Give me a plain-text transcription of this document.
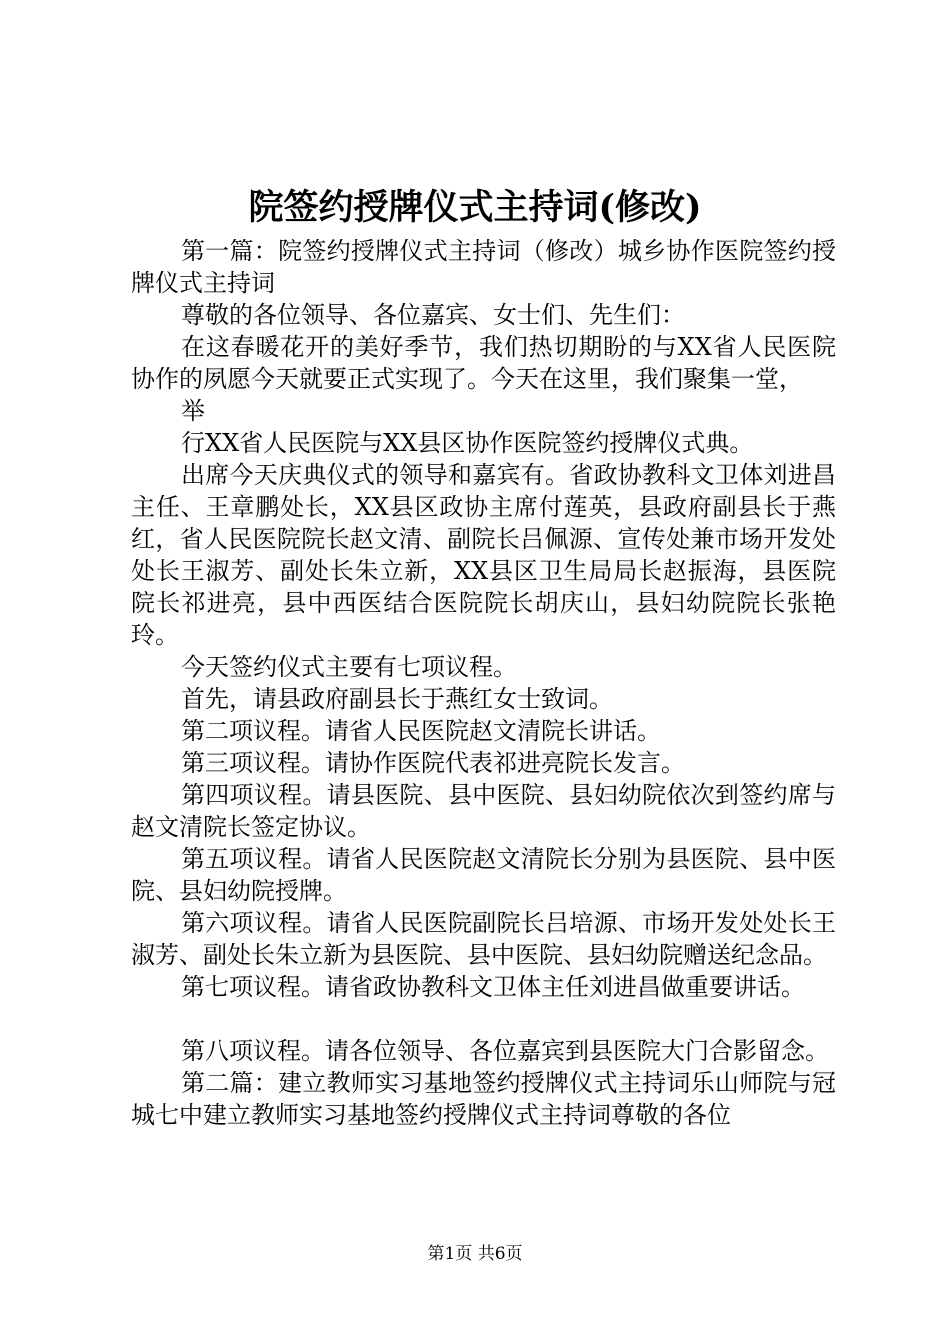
院签约授牌仪式主持词(修改)

第一篇：院签约授牌仪式主持词（修改）城乡协作医院签约授牌仪式主持词

尊敬的各位领导、各位嘉宾、女士们、先生们：

在这春暖花开的美好季节，我们热切期盼的与XX省人民医院协作的夙愿今天就要正式实现了。今天在这里，我们聚集一堂，

举

行XX省人民医院与XX县区协作医院签约授牌仪式典。

出席今天庆典仪式的领导和嘉宾有。省政协教科文卫体刘进昌主任、王章鹏处长，XX县区政协主席付莲英，县政府副县长于燕红，省人民医院院长赵文清、副院长吕佩源、宣传处兼市场开发处处长王淑芳、副处长朱立新，XX县区卫生局局长赵振海，县医院院长祁进亮，县中西医结合医院院长胡庆山，县妇幼院院长张艳玲。

今天签约仪式主要有七项议程。

首先，请县政府副县长于燕红女士致词。

第二项议程。请省人民医院赵文清院长讲话。

第三项议程。请协作医院代表祁进亮院长发言。

第四项议程。请县医院、县中医院、县妇幼院依次到签约席与赵文清院长签定协议。

第五项议程。请省人民医院赵文清院长分别为县医院、县中医院、县妇幼院授牌。

第六项议程。请省人民医院副院长吕培源、市场开发处处长王淑芳、副处长朱立新为县医院、县中医院、县妇幼院赠送纪念品。

第七项议程。请省政协教科文卫体主任刘进昌做重要讲话。

第八项议程。请各位领导、各位嘉宾到县医院大门合影留念。

第二篇：建立教师实习基地签约授牌仪式主持词乐山师院与冠城七中建立教师实习基地签约授牌仪式主持词尊敬的各位

第1页 共6页
